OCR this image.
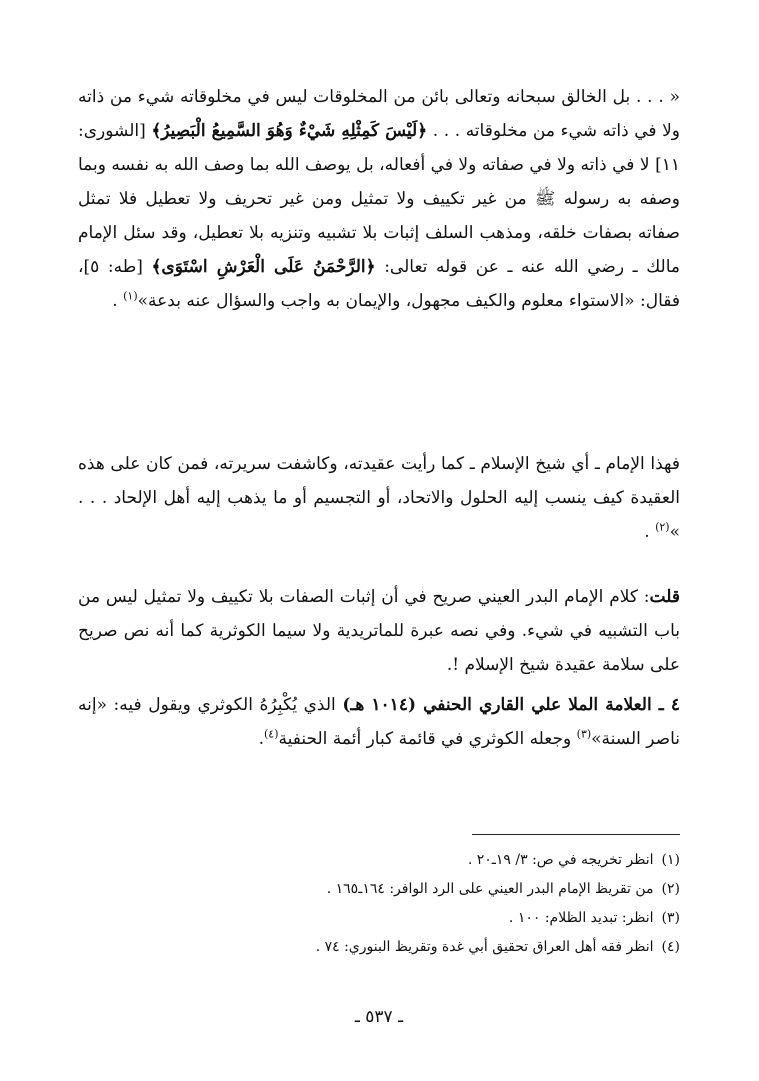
« . . . بل الخالق سبحانه وتعالى بائن من المخلوقات ليس في مخلوقاته شيء من ذاته ولا في ذاته شيء من مخلوقاته . . . ﴿لَيْسَ كَمِثْلِهِ شَيْءٌ وَهُوَ السَّمِيعُ الْبَصِيرُ﴾ [الشورى: ١١] لا في ذاته ولا في صفاته ولا في أفعاله، بل يوصف الله بما وصف الله به نفسه وبما وصفه به رسوله ﷺ من غير تكييف ولا تمثيل ومن غير تحريف ولا تعطيل فلا تمثل صفاته بصفات خلقه، ومذهب السلف إثبات بلا تشبيه وتنزيه بلا تعطيل، وقد سئل الإمام مالك ـ رضي الله عنه ـ عن قوله تعالى: ﴿الرَّحْمَنُ عَلَى الْعَرْشِ اسْتَوَى﴾ [طه: ٥]، فقال: «الاستواء معلوم والكيف مجهول، والإيمان به واجب والسؤال عنه بدعة»$^{(١)}$ .

فهذا الإمام ـ أي شيخ الإسلام ـ كما رأيت عقيدته، وكاشفت سريرته، فمن كان على هذه العقيدة كيف ينسب إليه الحلول والاتحاد، أو التجسيم أو ما يذهب إليه أهل الإلحاد . . . »$^{(٢)}$ .

قلت: كلام الإمام البدر العيني صريح في أن إثبات الصفات بلا تكييف ولا تمثيل ليس من باب التشبيه في شيء. وفي نصه عبرة للماتريدية ولا سيما الكوثرية كما أنه نص صريح على سلامة عقيدة شيخ الإسلام !.

٤ ـ العلامة الملا علي القاري الحنفي (١٠١٤ هـ) الذي يُكْبِرُهُ الكوثري ويقول فيه: «إنه ناصر السنة»$^{(٣)}$ وجعله الكوثري في قائمة كبار أئمة الحنفية$^{(٤)}$.

(١)انظر تخريجه في ص: ٣/ ١٩ـ٢٠ .
(٢)من تقريظ الإمام البدر العيني على الرد الوافر: ١٦٤ـ١٦٥ .
(٣)انظر: تبديد الظلام: ١٠٠ .
(٤)انظر فقه أهل العراق تحقيق أبي غدة وتقريظ البنوري: ٧٤ .
ـ ٥٣٧ ـ
